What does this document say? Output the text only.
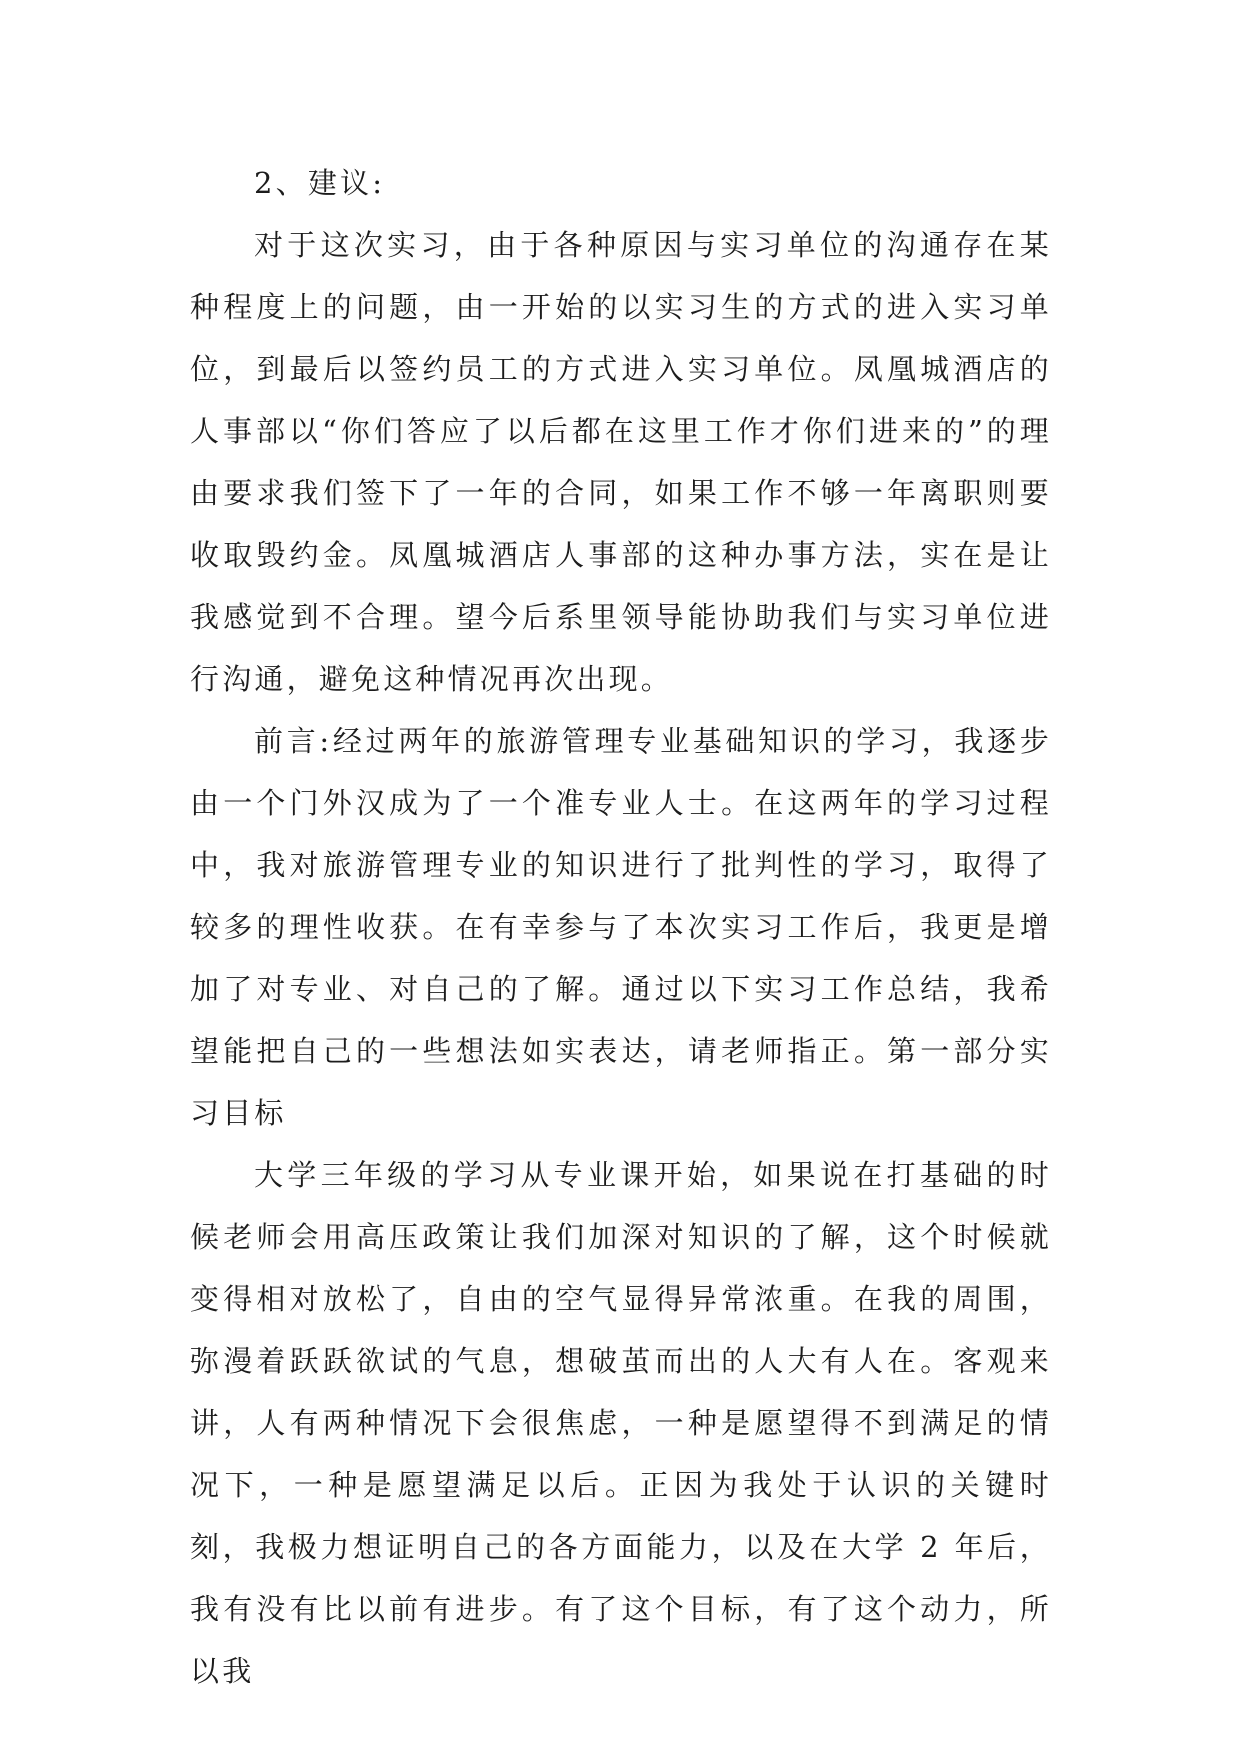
2、建议:

对于这次实习，由于各种原因与实习单位的沟通存在某种程度上的问题，由一开始的以实习生的方式的进入实习单位，到最后以签约员工的方式进入实习单位。凤凰城酒店的人事部以“你们答应了以后都在这里工作才你们进来的”的理由要求我们签下了一年的合同，如果工作不够一年离职则要收取毁约金。凤凰城酒店人事部的这种办事方法，实在是让我感觉到不合理。望今后系里领导能协助我们与实习单位进行沟通，避免这种情况再次出现。

前言:经过两年的旅游管理专业基础知识的学习，我逐步由一个门外汉成为了一个准专业人士。在这两年的学习过程中，我对旅游管理专业的知识进行了批判性的学习，取得了较多的理性收获。在有幸参与了本次实习工作后，我更是增加了对专业、对自己的了解。通过以下实习工作总结，我希望能把自己的一些想法如实表达，请老师指正。第一部分实习目标

大学三年级的学习从专业课开始，如果说在打基础的时候老师会用高压政策让我们加深对知识的了解，这个时候就变得相对放松了，自由的空气显得异常浓重。在我的周围，弥漫着跃跃欲试的气息，想破茧而出的人大有人在。客观来讲，人有两种情况下会很焦虑，一种是愿望得不到满足的情况下，一种是愿望满足以后。正因为我处于认识的关键时刻，我极力想证明自己的各方面能力，以及在大学 2 年后，我有没有比以前有进步。有了这个目标，有了这个动力，所以我
